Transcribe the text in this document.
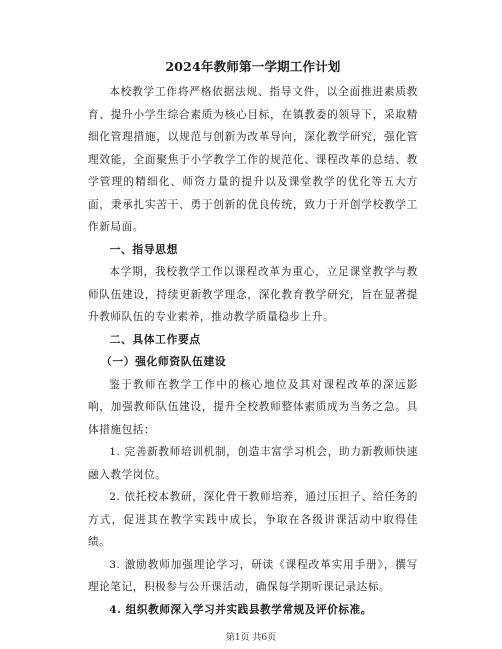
2024年教师第一学期工作计划

本校教学工作将严格依据法规、指导文件，以全面推进素质教育、提升小学生综合素质为核心目标，在镇教委的领导下，采取精细化管理措施，以规范与创新为改革导向，深化教学研究，强化管理效能，全面聚焦于小学教学工作的规范化、课程改革的总结、教学管理的精细化、师资力量的提升以及课堂教学的优化等五大方面，秉承扎实苦干、勇于创新的优良传统，致力于开创学校教学工作新局面。

一、指导思想

本学期，我校教学工作以课程改革为重心，立足课堂教学与教师队伍建设，持续更新教学理念，深化教育教学研究，旨在显著提升教师队伍的专业素养，推动教学质量稳步上升。

二、具体工作要点

（一）强化师资队伍建设

鉴于教师在教学工作中的核心地位及其对课程改革的深远影响，加强教师队伍建设，提升全校教师整体素质成为当务之急。具体措施包括：

1. 完善新教师培训机制，创造丰富学习机会，助力新教师快速融入教学岗位。

2. 依托校本教研，深化骨干教师培养，通过压担子、给任务的方式，促进其在教学实践中成长，争取在各级讲课活动中取得佳绩。

3. 激励教师加强理论学习，研读《课程改革实用手册》，撰写理论笔记，积极参与公开课活动，确保每学期听课记录达标。

4. 组织教师深入学习并实践县教学常规及评价标准。

第1页 共6页
